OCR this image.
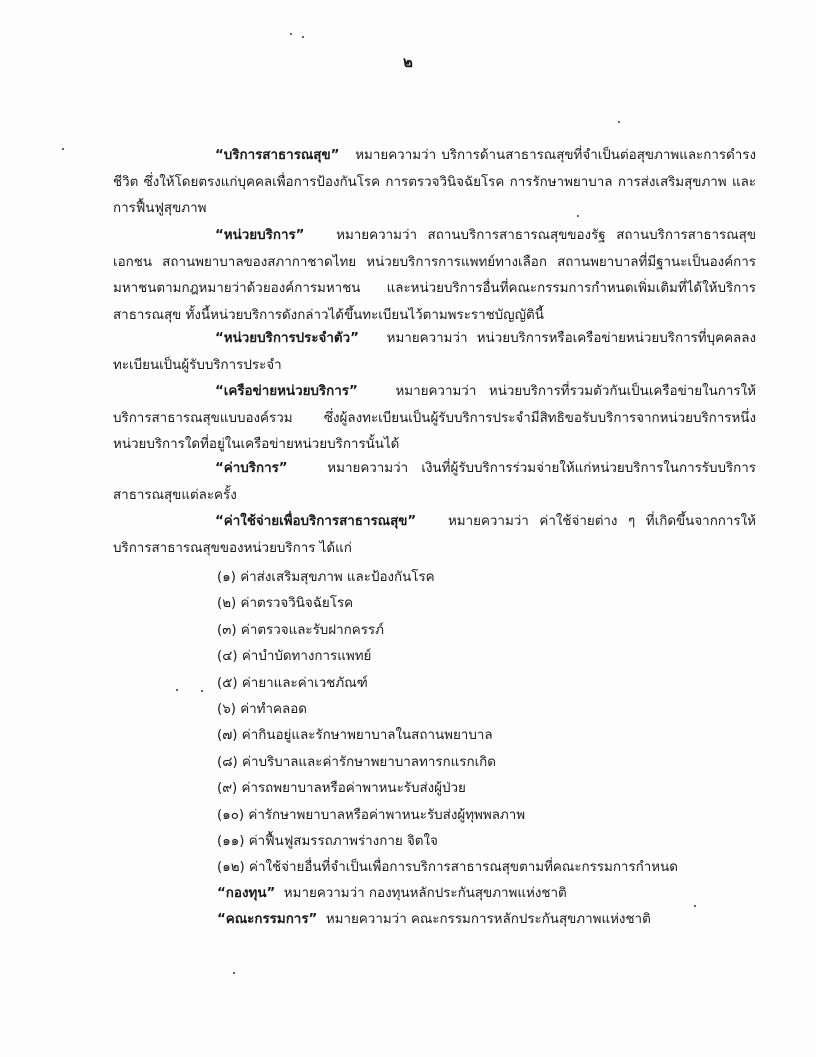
๒
“บริการสาธารณสุข” หมายความว่า บริการด้านสาธารณสุขที่จำเป็นต่อสุขภาพและการดำรงชีวิต ซึ่งให้โดยตรงแก่บุคคลเพื่อการป้องกันโรค การตรวจวินิจฉัยโรค การรักษาพยาบาล การส่งเสริมสุขภาพ และการฟื้นฟูสุขภาพ
“หน่วยบริการ” หมายความว่า สถานบริการสาธารณสุขของรัฐ สถานบริการสาธารณสุขเอกชน สถานพยาบาลของสภากาชาดไทย หน่วยบริการการแพทย์ทางเลือก สถานพยาบาลที่มีฐานะเป็นองค์การมหาชนตามกฎหมายว่าด้วยองค์การมหาชน และหน่วยบริการอื่นที่คณะกรรมการกำหนดเพิ่มเติมที่ได้ให้บริการสาธารณสุข ทั้งนี้หน่วยบริการดังกล่าวได้ขึ้นทะเบียนไว้ตามพระราชบัญญัตินี้
“หน่วยบริการประจำตัว” หมายความว่า หน่วยบริการหรือเครือข่ายหน่วยบริการที่บุคคลลงทะเบียนเป็นผู้รับบริการประจำ
“เครือข่ายหน่วยบริการ”	หมายความว่า หน่วยบริการที่รวมตัวกันเป็นเครือข่ายในการให้บริการสาธารณสุขแบบองค์รวม ซึ่งผู้ลงทะเบียนเป็นผู้รับบริการประจำมีสิทธิขอรับบริการจากหน่วยบริการหนึ่งหน่วยบริการใดที่อยู่ในเครือข่ายหน่วยบริการนั้นได้
“ค่าบริการ”	หมายความว่า เงินที่ผู้รับบริการร่วมจ่ายให้แก่หน่วยบริการในการรับบริการสาธารณสุขแต่ละครั้ง
“ค่าใช้จ่ายเพื่อบริการสาธารณสุข” หมายความว่า ค่าใช้จ่ายต่าง ๆ ที่เกิดขึ้นจากการให้บริการสาธารณสุขของหน่วยบริการ ได้แก่
(๑) ค่าส่งเสริมสุขภาพ และป้องกันโรค
(๒) ค่าตรวจวินิจฉัยโรค
(๓) ค่าตรวจและรับฝากครรภ์
(๔) ค่าบำบัดทางการแพทย์
(๕) ค่ายาและค่าเวชภัณฑ์
(๖) ค่าทำคลอด
(๗) ค่ากินอยู่และรักษาพยาบาลในสถานพยาบาล
(๘) ค่าบริบาลและค่ารักษาพยาบาลทารกแรกเกิด
(๙) ค่ารถพยาบาลหรือค่าพาหนะรับส่งผู้ป่วย
(๑๐) ค่ารักษาพยาบาลหรือค่าพาหนะรับส่งผู้ทุพพลภาพ
(๑๑) ค่าฟื้นฟูสมรรถภาพร่างกาย จิตใจ
(๑๒) ค่าใช้จ่ายอื่นที่จำเป็นเพื่อการบริการสาธารณสุขตามที่คณะกรรมการกำหนด
“กองทุน” หมายความว่า กองทุนหลักประกันสุขภาพแห่งชาติ
“คณะกรรมการ” หมายความว่า คณะกรรมการหลักประกันสุขภาพแห่งชาติ
